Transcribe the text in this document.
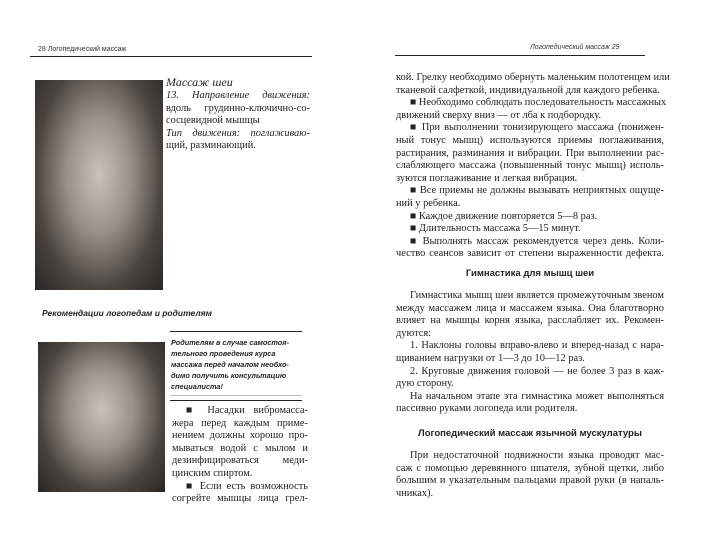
28 Логопедический массаж
Массаж шеи
13. Направление движения:
вдоль грудинно-ключично-со-
сосцевидной мышцы
Тип движения: поглаживаю-
щий, разминающий.
Рекомендации логопедам и родителям
Родителям в случае самостоя-
тельного проведения курса
массажа перед началом необхо-
димо получить консультацию
специалиста!
■ Насадки вибромасса-
жера перед каждым приме-
нением должны хорошо про-
мываться водой с мылом и
дезинфицироваться меди-
цинским спиртом.
■ Если есть возможность
согрейте мышцы лица грел-
Логопедический массаж 29
кой. Грелку необходимо обернуть маленьким полотенцем или
тканевой салфеткой, индивидуальной для каждого ребенка.
■ Необходимо соблюдать последовательность массажных
движений сверху вниз — от лба к подбородку.
■ При выполнении тонизирующего массажа (понижен-
ный тонус мышц) используются приемы поглаживания,
растирания, разминания и вибрации. При выполнении рас-
слабляющего массажа (повышенный тонус мышц) исполь-
зуются поглаживание и легкая вибрация.
■ Все приемы не должны вызывать неприятных ощуще-
ний у ребенка.
■ Каждое движение повторяется 5—8 раз.
■ Длительность массажа 5—15 минут.
■ Выполнять массаж рекомендуется через день. Коли-
чество сеансов зависит от степени выраженности дефекта.
Гимнастика для мышц шеи
Гимнастика мышц шеи является промежуточным звеном
между массажем лица и массажем языка. Она благотворно
влияет на мышцы корня языка, расслабляет их. Рекомен-
дуются:
1. Наклоны головы вправо-влево и вперед-назад с нара-
щиванием нагрузки от 1—3 до 10—12 раз.
2. Круговые движения головой — не более 3 раз в каж-
дую сторону.
На начальном этапе эта гимнастика может выполняться
пассивно руками логопеда или родителя.
Логопедический массаж язычной мускулатуры
При недостаточной подвижности языка проводят мас-
саж с помощью деревянного шпателя, зубной щетки, либо
большим и указательным пальцами правой руки (в напаль-
чниках).
